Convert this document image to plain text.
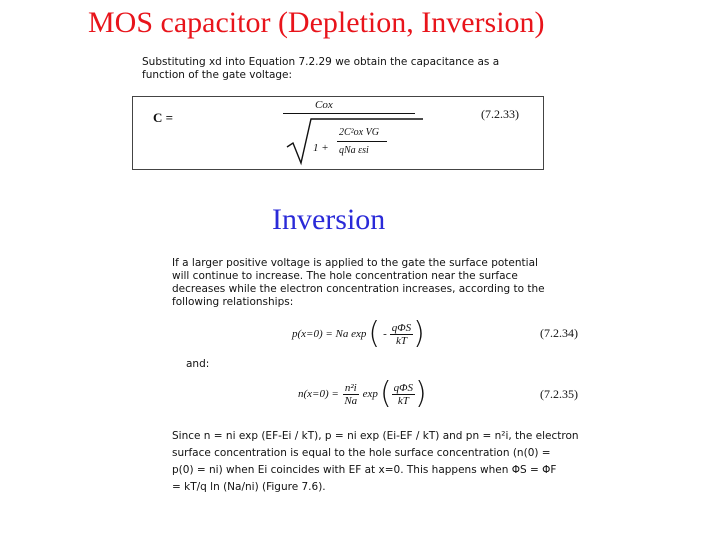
MOS capacitor (Depletion, Inversion)
Substituting xd into Equation 7.2.29 we obtain the capacitance as a
function of the gate voltage:
C =
Cox
1 +
2C²ox VG
qNa εsi
(7.2.33)
Inversion
If a larger positive voltage is applied to the gate the surface potential
will continue to increase. The hole concentration near the surface
decreases while the electron concentration increases, according to the
following relationships:
p(x=0) = Na exp ( - $\frac{\text{qΦS}}{kT}$ )	(7.2.34)
and:
$n(x=0) = \frac{\text{n²i}}{Na}$ exp ( $\frac{\text{qΦS}}{kT}$ )	(7.2.35)
Since n = ni exp (EF-Ei / kT), p = ni exp (Ei-EF / kT) and pn = n²i, the electron
surface concentration is equal to the hole surface concentration (n(0) =
p(0) = ni) when Ei coincides with EF at x=0. This happens when ΦS = ΦF
= kT/q ln (Na/ni) (Figure 7.6).
